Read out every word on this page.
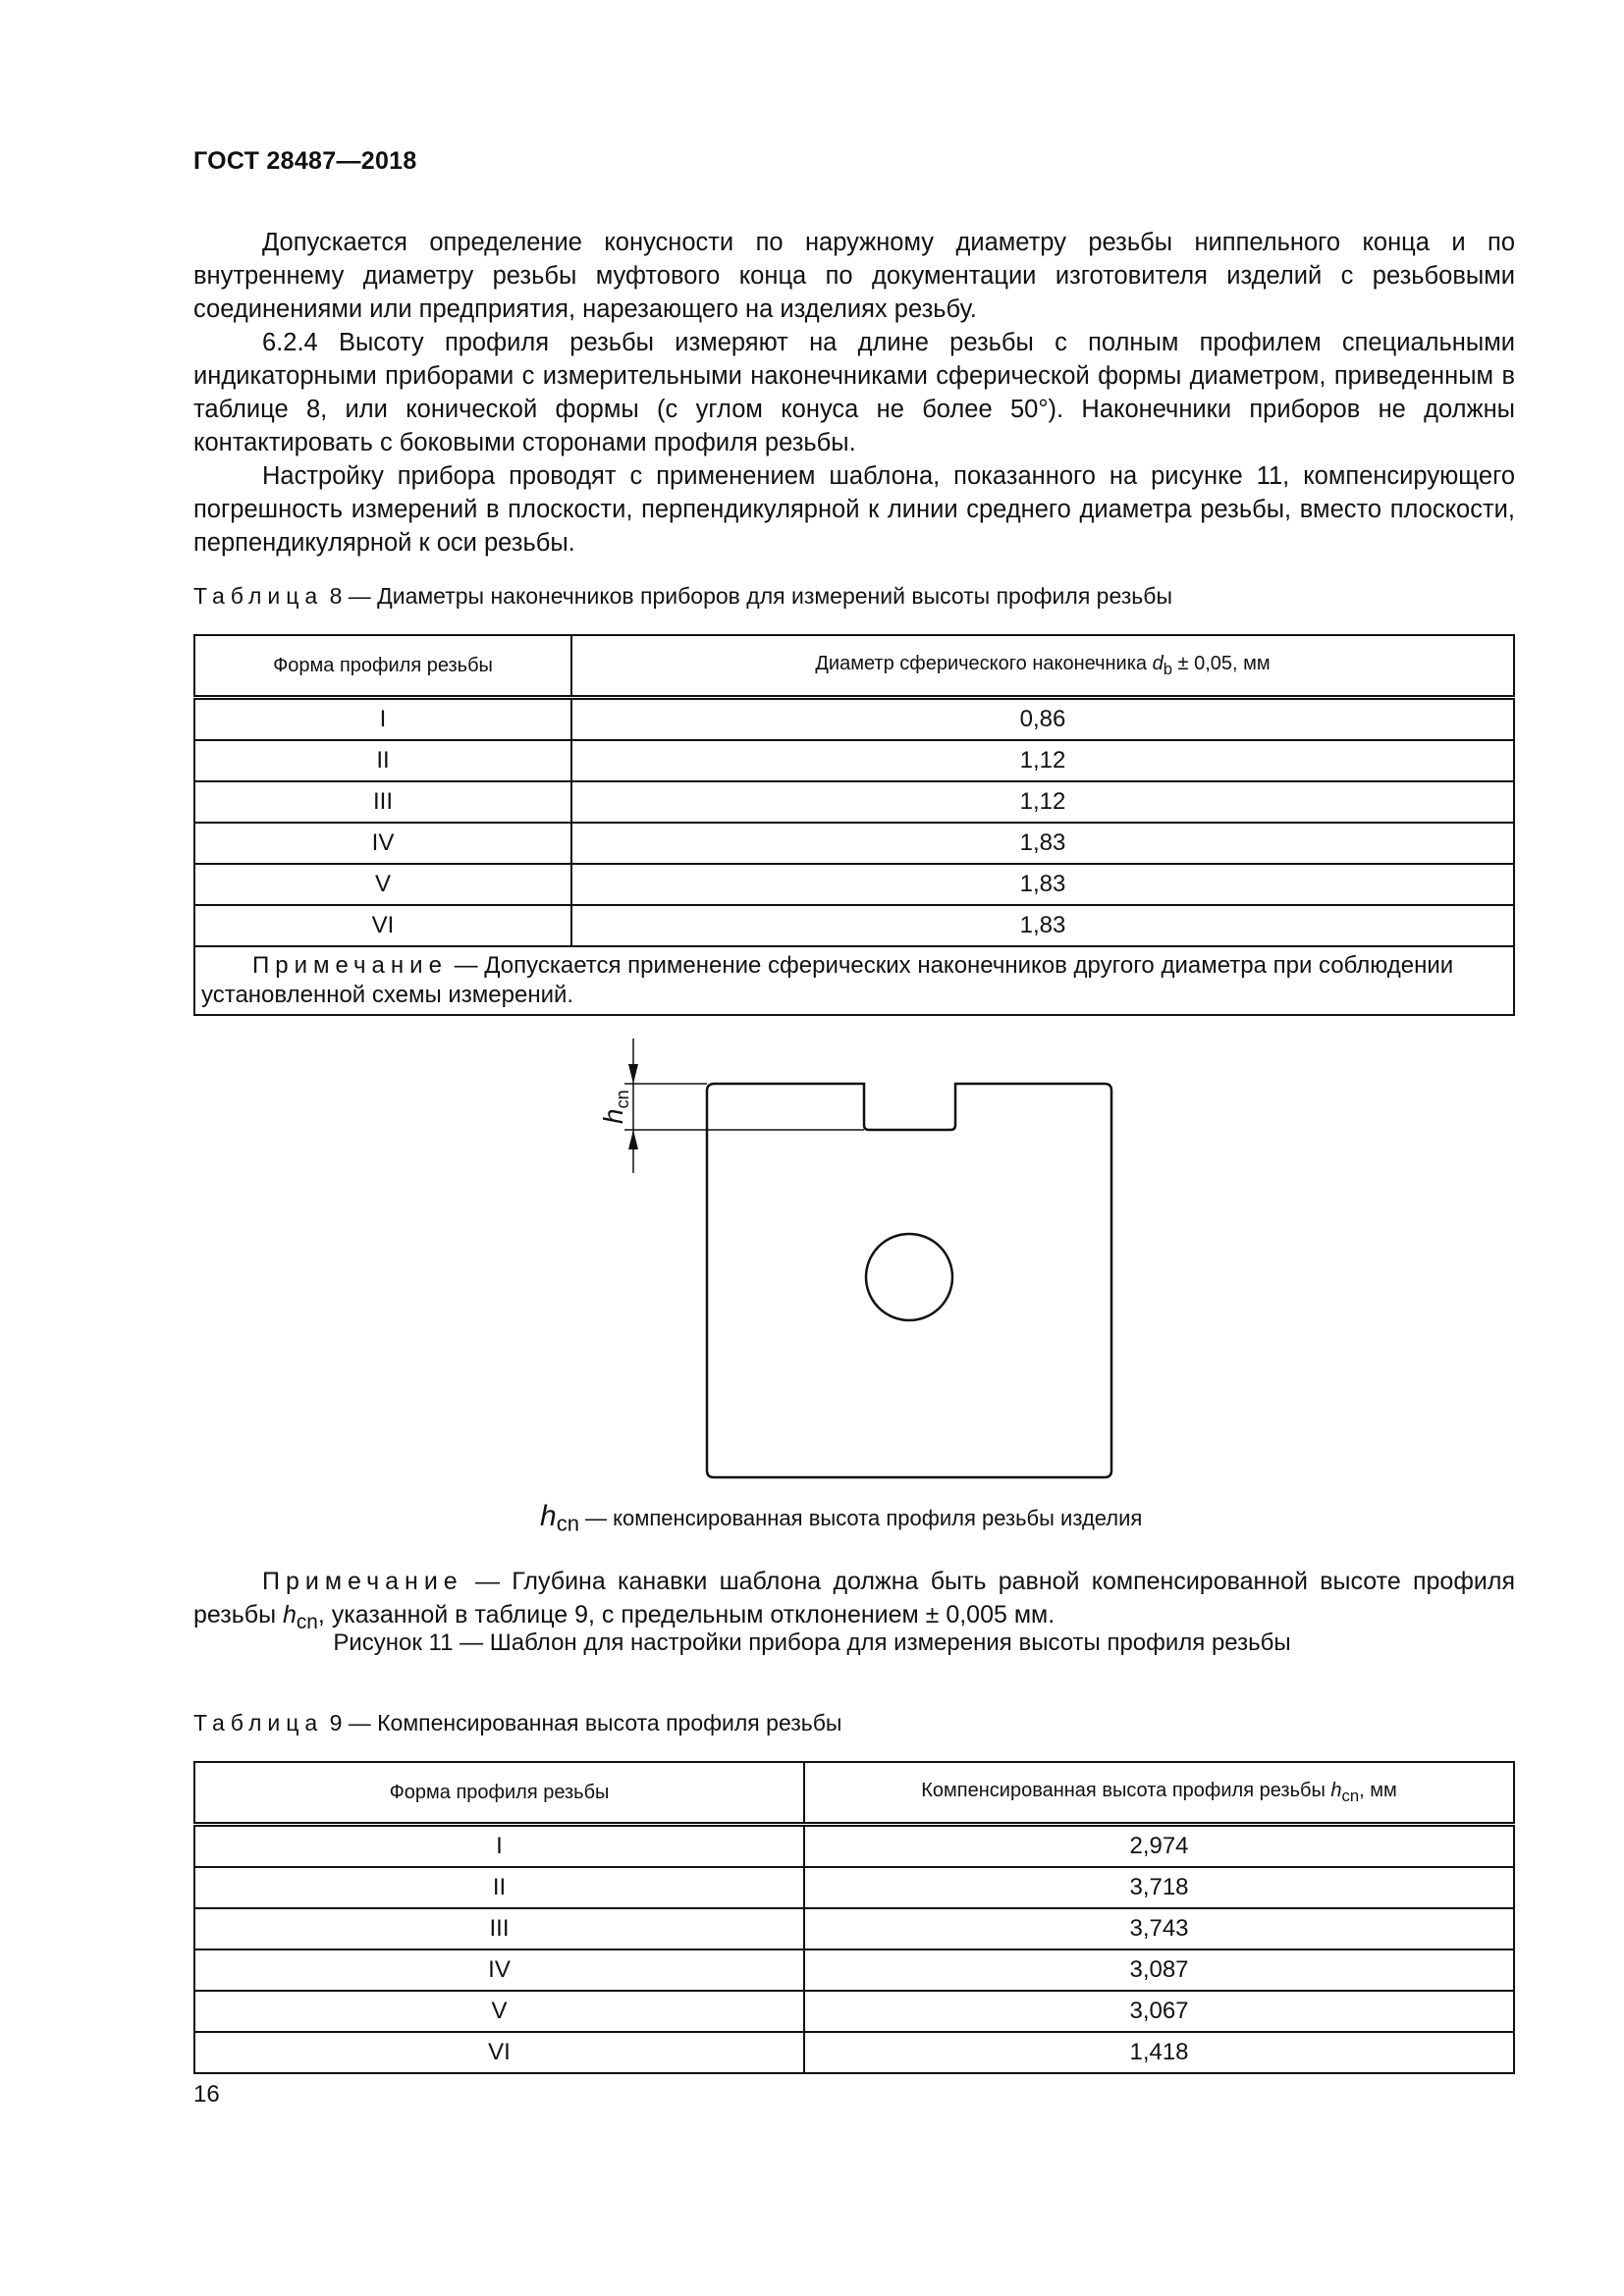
ГОСТ 28487—2018

Допускается определение конусности по наружному диаметру резьбы ниппельного конца и по внутреннему диаметру резьбы муфтового конца по документации изготовителя изделий с резьбовыми соединениями или предприятия, нарезающего на изделиях резьбу.

6.2.4 Высоту профиля резьбы измеряют на длине резьбы с полным профилем специальными индикаторными приборами с измерительными наконечниками сферической формы диаметром, приведенным в таблице 8, или конической формы (с углом конуса не более 50°). Наконечники приборов не должны контактировать с боковыми сторонами профиля резьбы.

Настройку прибора проводят с применением шаблона, показанного на рисунке 11, компенсирующего погрешность измерений в плоскости, перпендикулярной к линии среднего диаметра резьбы, вместо плоскости, перпендикулярной к оси резьбы.

Таблица 8 — Диаметры наконечников приборов для измерений высоты профиля резьбы
Форма профиля резьбы	Диаметр сферического наконечника $d_b \pm 0,05$, мм
I	0,86
II	1,12
III	1,12
IV	1,83
V	1,83
VI	1,83
Примечание — Допускается применение сферических наконечников другого диаметра при соблюдении установленной схемы измерений.	
$h_{cn}$
$h_{cn}$ — компенсированная высота профиля резьбы изделия

Примечание — Глубина канавки шаблона должна быть равной компенсированной высоте профиля резьбы $h_{cn}$, указанной в таблице 9, с предельным отклонением ± 0,005 мм.

Рисунок 11 — Шаблон для настройки прибора для измерения высоты профиля резьбы
Таблица 9 — Компенсированная высота профиля резьбы
Форма профиля резьбы	Компенсированная высота профиля резьбы $h_{cn}$, мм
I	2,974
II	3,718
III	3,743
IV	3,087
V	3,067
VI	1,418
16
